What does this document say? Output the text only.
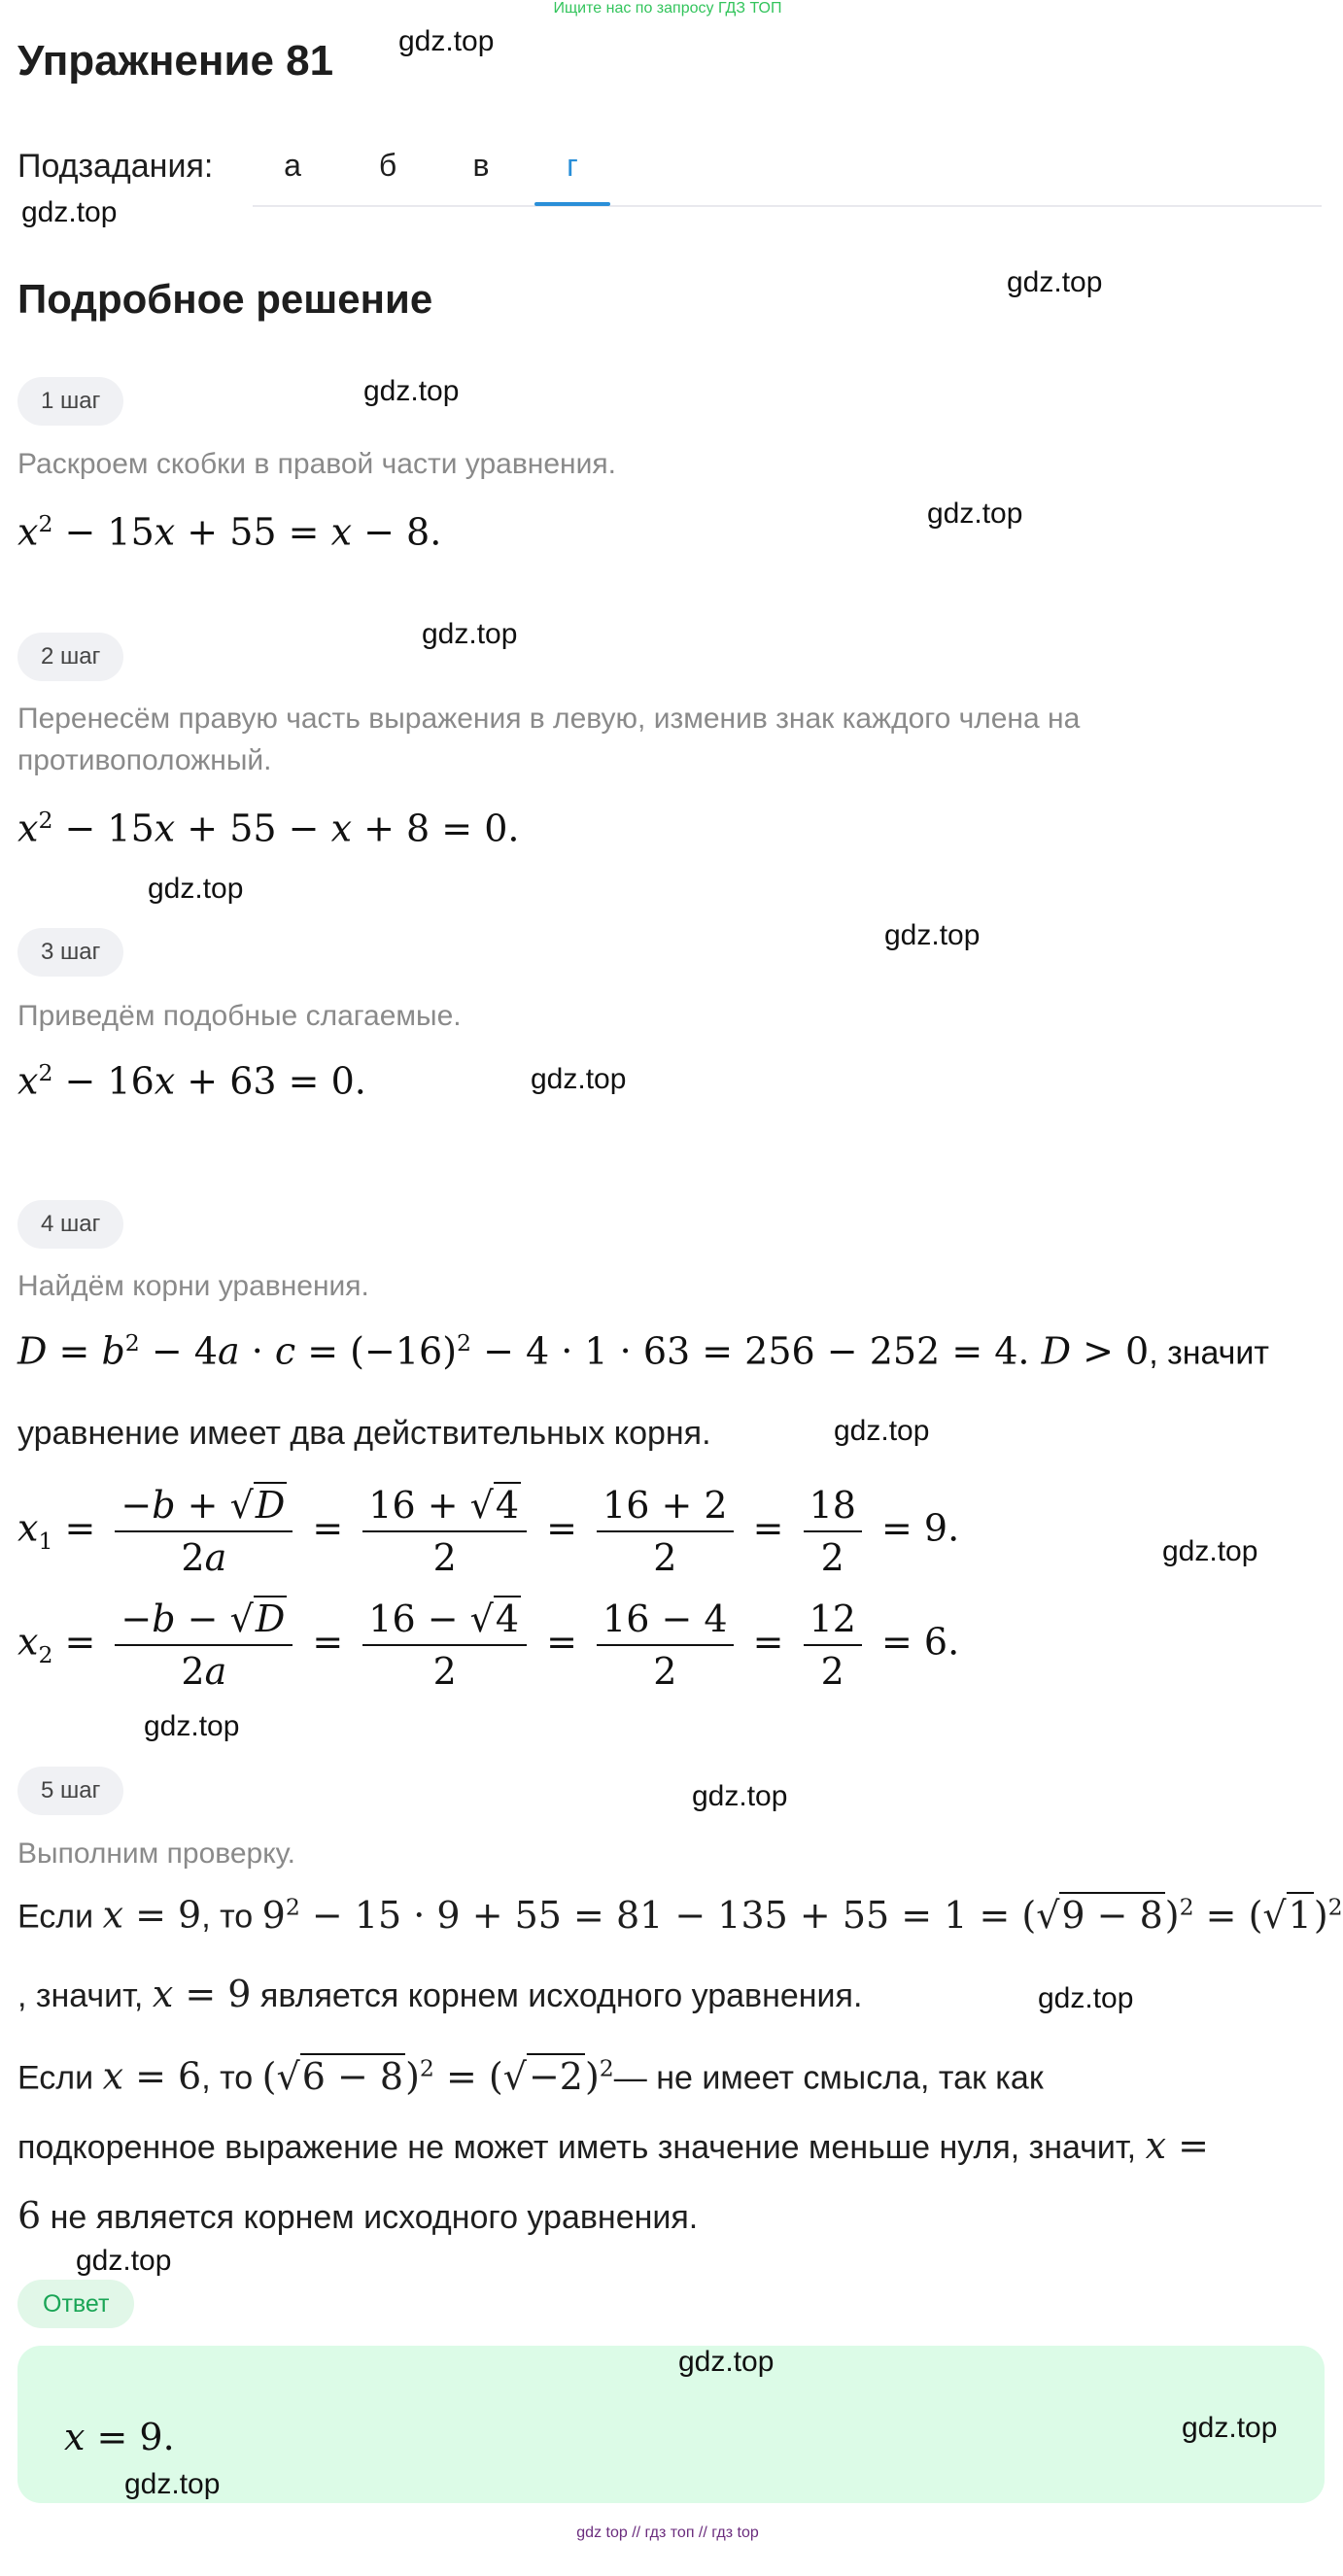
Ищите нас по запросу ГДЗ ТОП
Упражнение 81
Подзадания:	а	б	в	г
Подробное решение
1 шаг
Раскроем скобки в правой части уравнения.
$x^2 - 15x + 55 = x - 8$.
2 шаг
Перенесём правую часть выражения в левую, изменив знак каждого члена на
противоположный.
$x^2 - 15x + 55 - x + 8 = 0$.
3 шаг
Приведём подобные слагаемые.
$x^2 - 16x + 63 = 0$.
4 шаг
Найдём корни уравнения.
$D = b^2 - 4a \cdot c = (-16)^2 - 4 \cdot 1 \cdot 63 = 256 - 252 = 4$. D > 0, значит
уравнение имеет два действительных корня.
$x_1 = \frac{-b + √D}{2a} = \frac{16 + √4}{2} = \frac{16 + 2}{2} = \frac{18}{2} = 9$.
$x_2 = \frac{-b - √D}{2a} = \frac{16 - √4}{2} = \frac{16 - 4}{2} = \frac{12}{2} = 6$.
5 шаг
Выполним проверку.
Если x = 9, то $9^2 - 15 \cdot 9 + 55 = 81 - 135 + 55 = 1 = (√9 - 8)^2 = (√1)^2$
, значит, x = 9 является корнем исходного уравнения.
Если x = 6, то $(√6 - 8)^2$ = $(√-2)^2—$ не имеет смысла, так как
подкоренное выражение не может иметь значение меньше нуля, значит, x =
6 не является корнем исходного уравнения.
Ответ
x = 9.
gdz.top
gdz.top
gdz.top
gdz.top
gdz.top
gdz.top
gdz.top
gdz.top
gdz.top
gdz.top
gdz.top
gdz.top
gdz.top
gdz.top
gdz.top
gdz.top
gdz.top
gdz.top
gdz top // гдз топ // гдз top
